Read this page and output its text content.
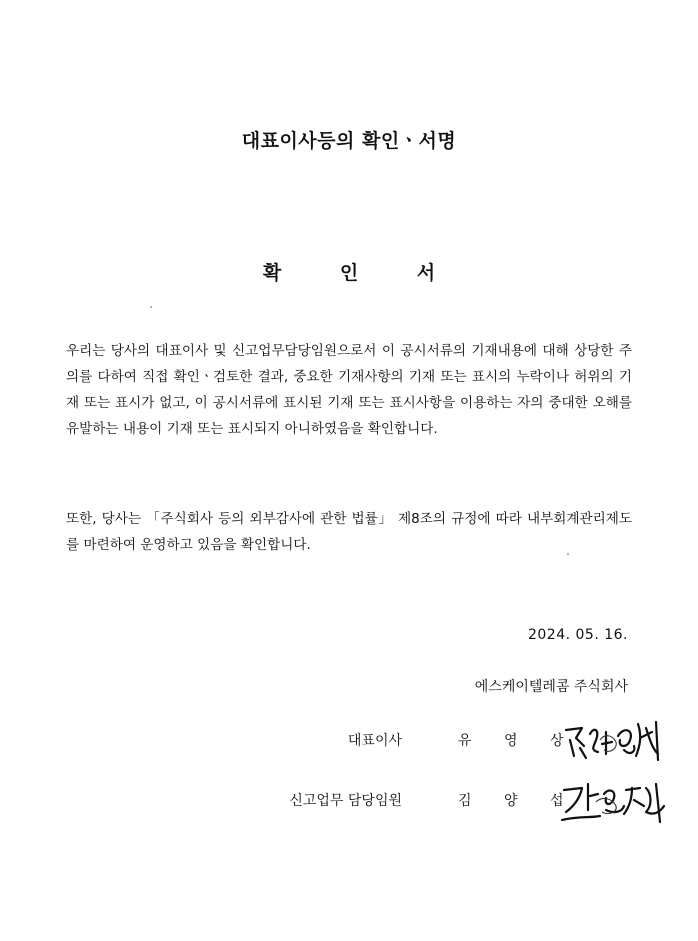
대표이사등의 확인ㆍ서명
확 인 서
우리는 당사의 대표이사 및 신고업무담당임원으로서 이 공시서류의 기재내용에 대해 상당한 주의를 다하여 직접 확인ㆍ검토한 결과, 중요한 기재사항의 기재 또는 표시의 누락이나 허위의 기재 또는 표시가 없고, 이 공시서류에 표시된 기재 또는 표시사항을 이용하는 자의 중대한 오해를 유발하는 내용이 기재 또는 표시되지 아니하였음을 확인합니다.
또한, 당사는 「주식회사 등의 외부감사에 관한 법률」 제8조의 규정에 따라 내부회계관리제도를 마련하여 운영하고 있음을 확인합니다.
2024. 05. 16.
에스케이텔레콤 주식회사
대표이사	유 영 상
신고업무 담당임원	김 양 섭
